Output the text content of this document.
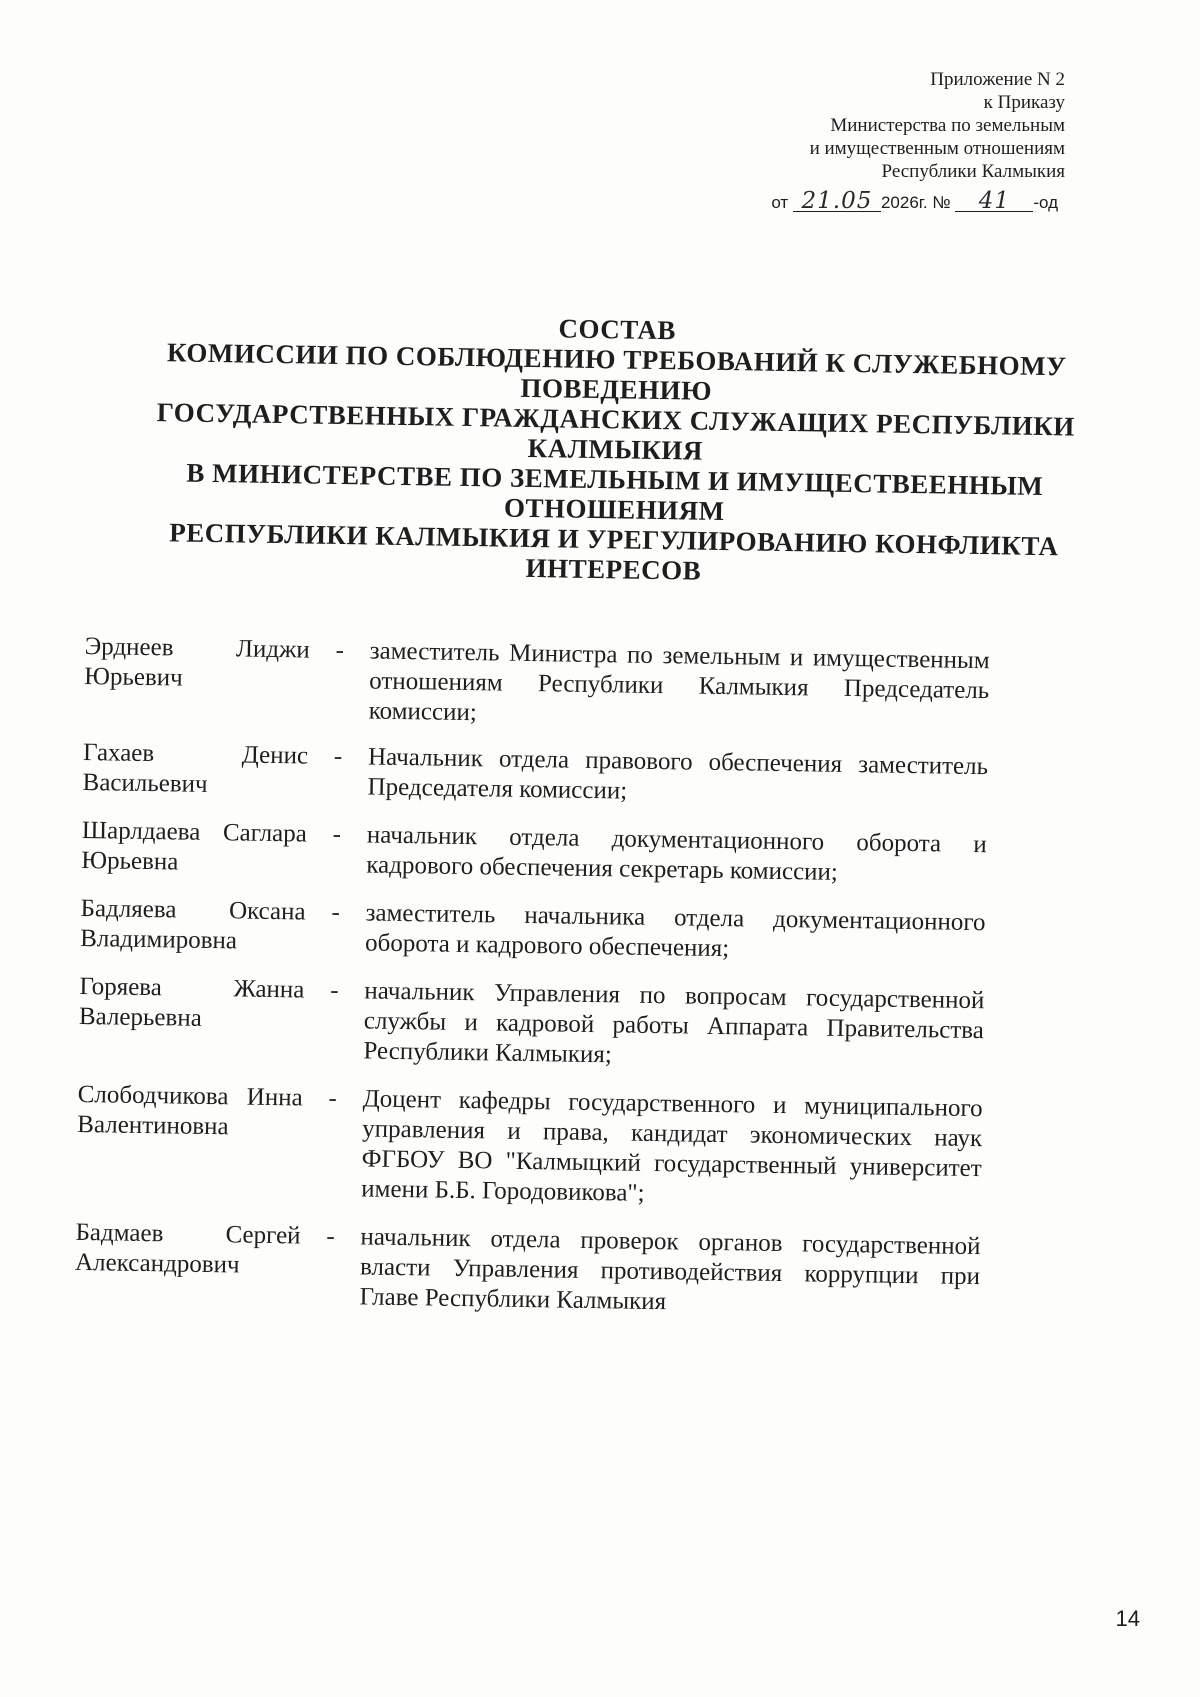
Приложение N 2
к Приказу
Министерства по земельным
и имущественным отношениям
Республики Калмыкия
от 21.05 2026г. № 41 -од
СОСТАВ
КОМИССИИ ПО СОБЛЮДЕНИЮ ТРЕБОВАНИЙ К СЛУЖЕБНОМУ
ПОВЕДЕНИЮ
ГОСУДАРСТВЕННЫХ ГРАЖДАНСКИХ СЛУЖАЩИХ РЕСПУБЛИКИ
КАЛМЫКИЯ
В МИНИСТЕРСТВЕ ПО ЗЕМЕЛЬНЫМ И ИМУЩЕСТВЕЕННЫМ
ОТНОШЕНИЯМ
РЕСПУБЛИКИ КАЛМЫКИЯ И УРЕГУЛИРОВАНИЮ КОНФЛИКТА
ИНТЕРЕСОВ
Эрднеев Лиджи Юрьевич
-	заместитель Министра по земельным и имущественным отношениям Республики Калмыкия Председатель комиссии;
Гахаев Денис Васильевич
-	Начальник отдела правового обеспечения заместитель Председателя комиссии;
Шарлдаева Саглара Юрьевна
-	начальник отдела документационного оборота и кадрового обеспечения секретарь комиссии;
Бадляева Оксана Владимировна
-	заместитель начальника отдела документационного оборота и кадрового обеспечения;
Горяева Жанна Валерьевна
-	начальник Управления по вопросам государственной службы и кадровой работы Аппарата Правительства Республики Калмыкия;
Слободчикова Инна Валентиновна
-	Доцент кафедры государственного и муниципального управления и права, кандидат экономических наук ФГБОУ ВО "Калмыцкий государственный университет имени Б.Б. Городовикова";
Бадмаев Сергей Александрович
-	начальник отдела проверок органов государственной власти Управления противодействия коррупции при Главе Республики Калмыкия
14
